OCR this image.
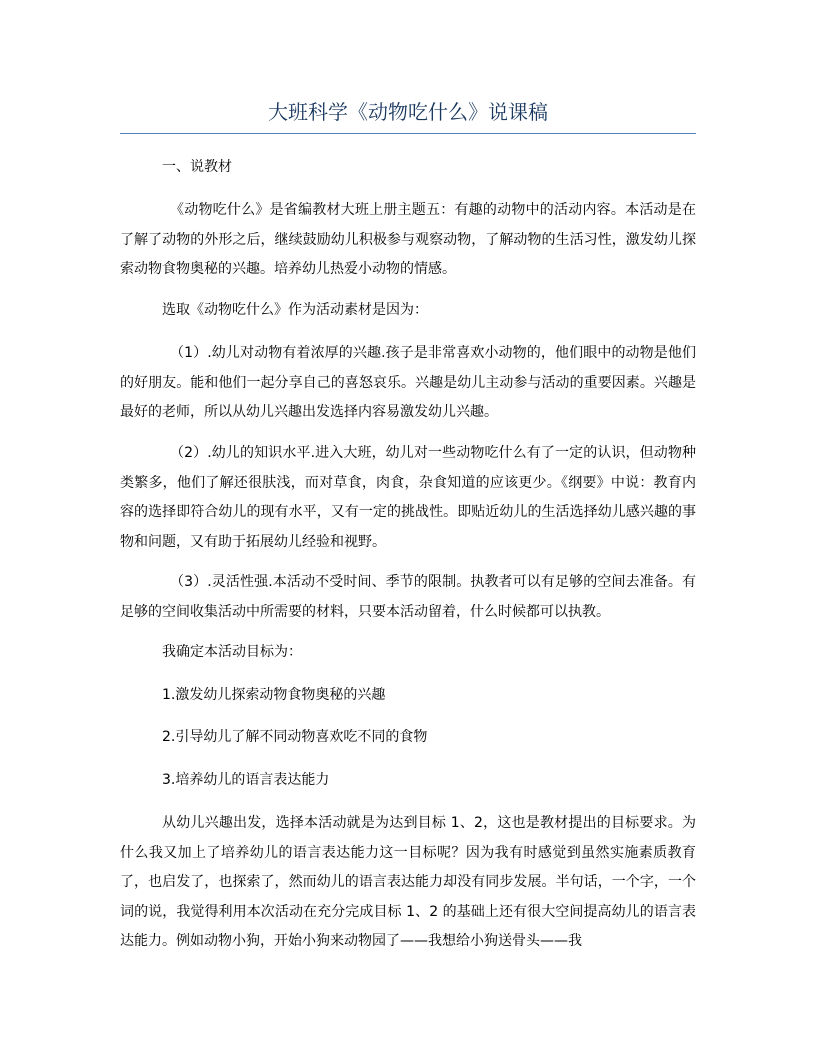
大班科学《动物吃什么》说课稿

一、说教材

《动物吃什么》是省编教材大班上册主题五：有趣的动物中的活动内容。本活动是在了解了动物的外形之后，继续鼓励幼儿积极参与观察动物，了解动物的生活习性，激发幼儿探索动物食物奥秘的兴趣。培养幼儿热爱小动物的情感。

选取《动物吃什么》作为活动素材是因为：

（1）.幼儿对动物有着浓厚的兴趣.孩子是非常喜欢小动物的，他们眼中的动物是他们的好朋友。能和他们一起分享自己的喜怒哀乐。兴趣是幼儿主动参与活动的重要因素。兴趣是最好的老师，所以从幼儿兴趣出发选择内容易激发幼儿兴趣。

（2）.幼儿的知识水平.进入大班，幼儿对一些动物吃什么有了一定的认识，但动物种类繁多，他们了解还很肤浅，而对草食，肉食，杂食知道的应该更少。《纲要》中说：教育内容的选择即符合幼儿的现有水平，又有一定的挑战性。即贴近幼儿的生活选择幼儿感兴趣的事物和问题，又有助于拓展幼儿经验和视野。

（3）.灵活性强.本活动不受时间、季节的限制。执教者可以有足够的空间去准备。有足够的空间收集活动中所需要的材料，只要本活动留着，什么时候都可以执教。

我确定本活动目标为：

1.激发幼儿探索动物食物奥秘的兴趣

2.引导幼儿了解不同动物喜欢吃不同的食物

3.培养幼儿的语言表达能力

从幼儿兴趣出发，选择本活动就是为达到目标 1、2，这也是教材提出的目标要求。为什么我又加上了培养幼儿的语言表达能力这一目标呢？因为我有时感觉到虽然实施素质教育了，也启发了，也探索了，然而幼儿的语言表达能力却没有同步发展。半句话，一个字，一个词的说，我觉得利用本次活动在充分完成目标 1、2 的基础上还有很大空间提高幼儿的语言表达能力。例如动物小狗，开始小狗来动物园了——我想给小狗送骨头——我
